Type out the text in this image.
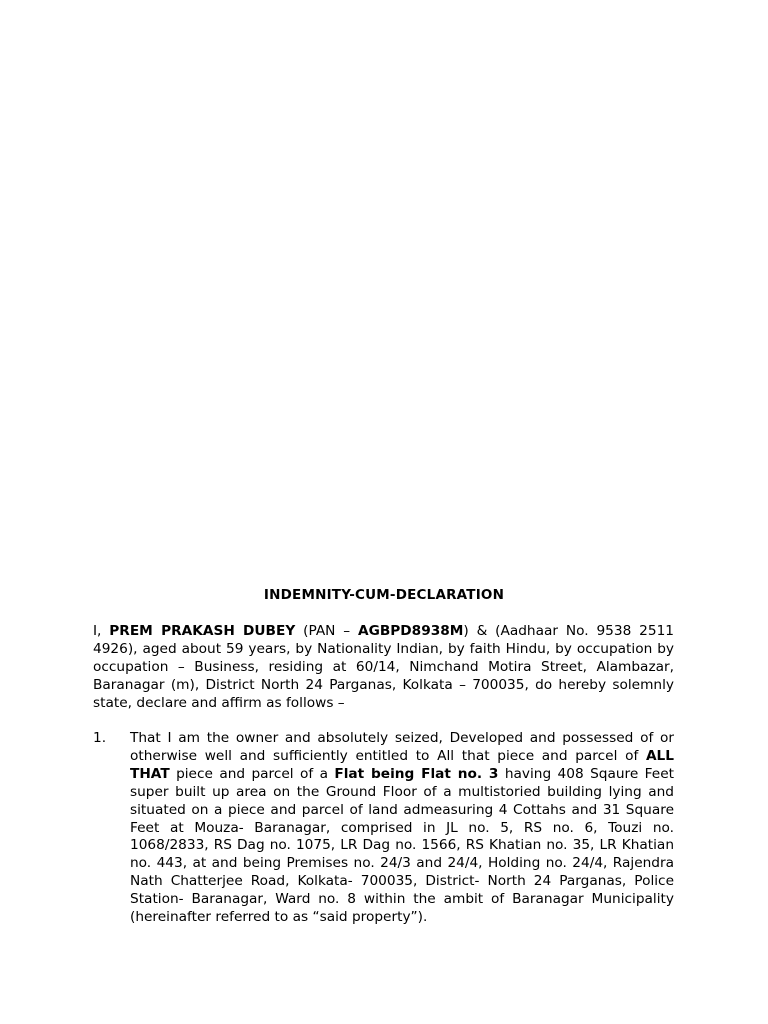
INDEMNITY-CUM-DECLARATION

I, PREM PRAKASH DUBEY (PAN – AGBPD8938M) & (Aadhaar No. 9538 2511 4926), aged about 59 years, by Nationality Indian, by faith Hindu, by occupation by occupation – Business, residing at 60/14, Nimchand Motira Street, Alambazar, Baranagar (m), District North 24 Parganas, Kolkata – 700035, do hereby solemnly state, declare and affirm as follows –

1.	That I am the owner and absolutely seized, Developed and possessed of or otherwise well and sufficiently entitled to All that piece and parcel of ALL THAT piece and parcel of a Flat being Flat no. 3 having 408 Sqaure Feet super built up area on the Ground Floor of a multistoried building lying and situated on a piece and parcel of land admeasuring 4 Cottahs and 31 Square Feet at Mouza- Baranagar, comprised in JL no. 5, RS no. 6, Touzi no. 1068/2833, RS Dag no. 1075, LR Dag no. 1566, RS Khatian no. 35, LR Khatian no. 443, at and being Premises no. 24/3 and 24/4, Holding no. 24/4, Rajendra Nath Chatterjee Road, Kolkata- 700035, District- North 24 Parganas, Police Station- Baranagar, Ward no. 8 within the ambit of Baranagar Municipality (hereinafter referred to as “said property”).
